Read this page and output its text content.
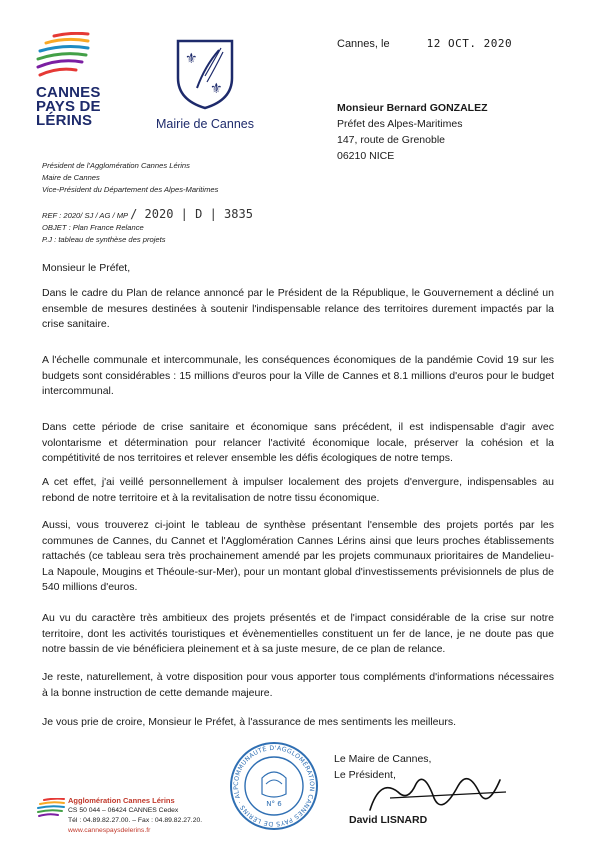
CANNES
PAYS DE
LÉRINS
⚜
⚜
Mairie de Cannes
Cannes, le	12 OCT. 2020
Monsieur Bernard GONZALEZ
Préfet des Alpes-Maritimes
147, route de Grenoble
06210 NICE
Président de l'Agglomération Cannes Lérins
Maire de Cannes
Vice-Président du Département des Alpes-Maritimes
REF : 2020/ SJ / AG / MP / 2020 | D | 3835
OBJET : Plan France Relance
P.J : tableau de synthèse des projets
Monsieur le Préfet,
Dans le cadre du Plan de relance annoncé par le Président de la République, le Gouvernement a décliné un ensemble de mesures destinées à soutenir l'indispensable relance des territoires durement impactés par la crise sanitaire.
A l'échelle communale et intercommunale, les conséquences économiques de la pandémie Covid 19 sur les budgets sont considérables : 15 millions d'euros pour la Ville de Cannes et 8.1 millions d'euros pour le budget intercommunal.
Dans cette période de crise sanitaire et économique sans précédent, il est indispensable d'agir avec volontarisme et détermination pour relancer l'activité économique locale, préserver la cohésion et la compétitivité de nos territoires et relever ensemble les défis écologiques de notre temps.
A cet effet, j'ai veillé personnellement à impulser localement des projets d'envergure, indispensables au rebond de notre territoire et à la revitalisation de notre tissu économique.
Aussi, vous trouverez ci-joint le tableau de synthèse présentant l'ensemble des projets portés par les communes de Cannes, du Cannet et l'Agglomération Cannes Lérins ainsi que leurs proches établissements rattachés (ce tableau sera très prochainement amendé par les projets communaux prioritaires de Mandelieu-La Napoule, Mougins et Théoule-sur-Mer), pour un montant global d'investissements prévisionnels de plus de 540 millions d'euros.
Au vu du caractère très ambitieux des projets présentés et de l'impact considérable de la crise sur notre territoire, dont les activités touristiques et évènementielles constituent un fer de lance, je ne doute pas que notre bassin de vie bénéficiera pleinement et à sa juste mesure, de ce plan de relance.
Je reste, naturellement, à votre disposition pour vous apporter tous compléments d'informations nécessaires à la bonne instruction de cette demande majeure.
Je vous prie de croire, Monsieur le Préfet, à l'assurance de mes sentiments les meilleurs.
COMMUNAUTÉ D'AGGLOMÉRATION CANNES PAYS DE LÉRINS · ALP
N° 6
Le Maire de Cannes,
Le Président,
David LISNARD
Agglomération Cannes Lérins
CS 50 044 – 06424 CANNES Cedex
Tél : 04.89.82.27.00. – Fax : 04.89.82.27.20.
www.cannespaysdelerins.fr
